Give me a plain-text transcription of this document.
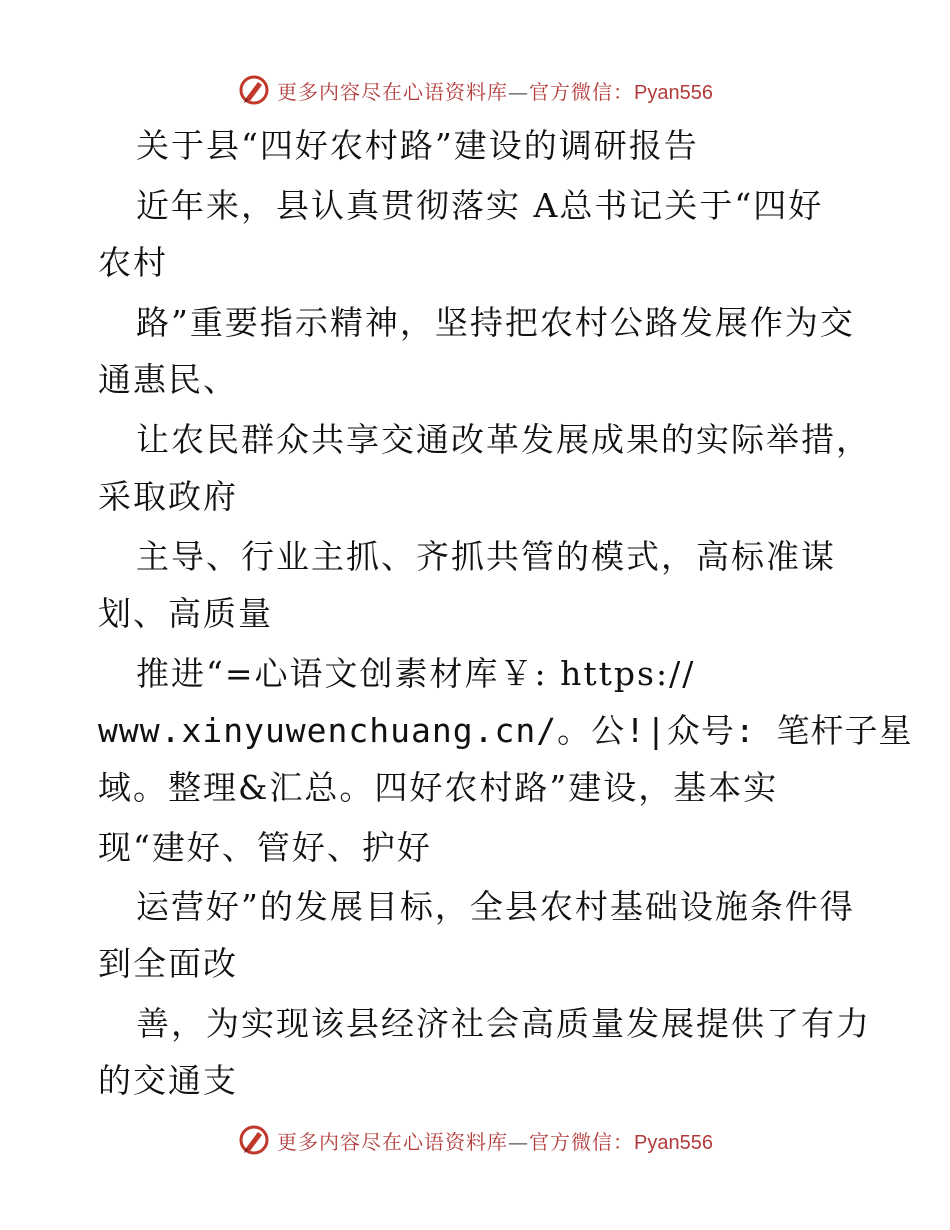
更多内容尽在心语资料库—官方微信：Pyan556
关于县“四好农村路”建设的调研报告
近年来，县认真贯彻落实 A总书记关于“四好
农村
路”重要指示精神，坚持把农村公路发展作为交
通惠民、
让农民群众共享交通改革发展成果的实际举措，
采取政府
主导、行业主抓、齐抓共管的模式，高标准谋
划、高质量
推进“=心语文创素材库￥: https://
www.xinyuwenchuang.cn/。公!|众号: 笔杆子星
域。整理&汇总。四好农村路”建设，基本实
现“建好、管好、护好
运营好”的发展目标，全县农村基础设施条件得
到全面改
善，为实现该县经济社会高质量发展提供了有力
的交通支
更多内容尽在心语资料库—官方微信：Pyan556
